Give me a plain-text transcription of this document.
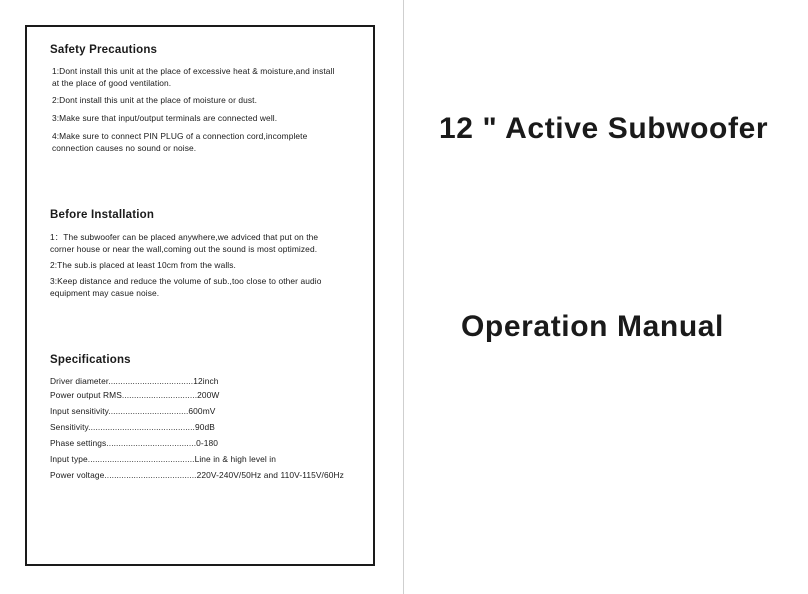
Safety Precautions

1:Dont install this unit at the place of excessive heat & moisture,and install

at the place of good ventilation.

2:Dont install this unit at the place of moisture or dust.

3:Make sure that input/output terminals are connected well.

4:Make sure to connect PIN PLUG of a connection cord,incomplete

connection causes no sound or noise.

Before Installation

1：The subwoofer can be placed anywhere,we adviced that put on the

corner house or near the wall,coming out the sound is most optimized.

2:The sub.is placed at least 10cm from the walls.

3:Keep distance and reduce the volume of sub.,too close to other audio

equipment may casue noise.

Specifications

Driver diameter...................................12inch

Power output RMS...............................200W

Input sensitivity.................................600mV

Sensitivity............................................90dB

Phase settings.....................................0-180

Input type............................................Line in & high level in

Power voltage......................................220V-240V/50Hz and 110V-115V/60Hz

12 " Active Subwoofer
Operation Manual
